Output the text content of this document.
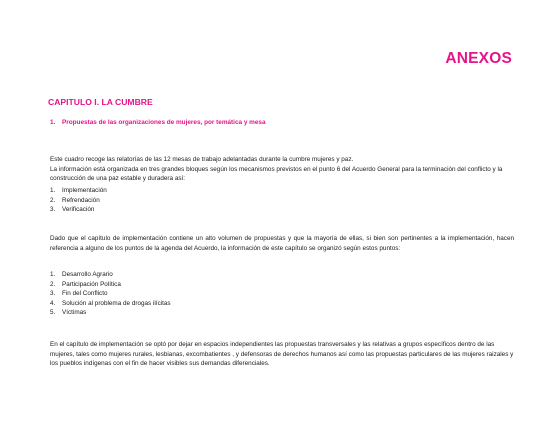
ANEXOS
CAPITULO I. LA CUMBRE
1. Propuestas de las organizaciones de mujeres, por temática y mesa

Este cuadro recoge las relatorías de las 12 mesas de trabajo adelantadas durante la cumbre mujeres y paz.

La información está organizada en tres grandes bloques según los mecanismos previstos en el punto 6 del Acuerdo General para la terminación del conflicto y la construcción de una paz estable y duradera así:

1. Implementación
2. Refrendación
3. Verificación

Dado que el capítulo de implementación contiene un alto volumen de propuestas y que la mayoría de ellas, si bien son pertinentes a la implementación, hacen referencia a alguno de los puntos de la agenda del Acuerdo, la información de este capítulo se organizó según estos puntos:

1. Desarrollo Agrario
2. Participación Política
3. Fin del Conflicto
4. Solución al problema de drogas ilícitas
5. Víctimas

En el capítulo de implementación se optó por dejar en espacios independientes las propuestas transversales y las relativas a grupos específicos dentro de las mujeres, tales como mujeres rurales, lesbianas, excombatientes , y defensoras de derechos humanos así como las propuestas particulares de las mujeres raizales y los pueblos indígenas con el fin de hacer visibles sus demandas diferenciales.
